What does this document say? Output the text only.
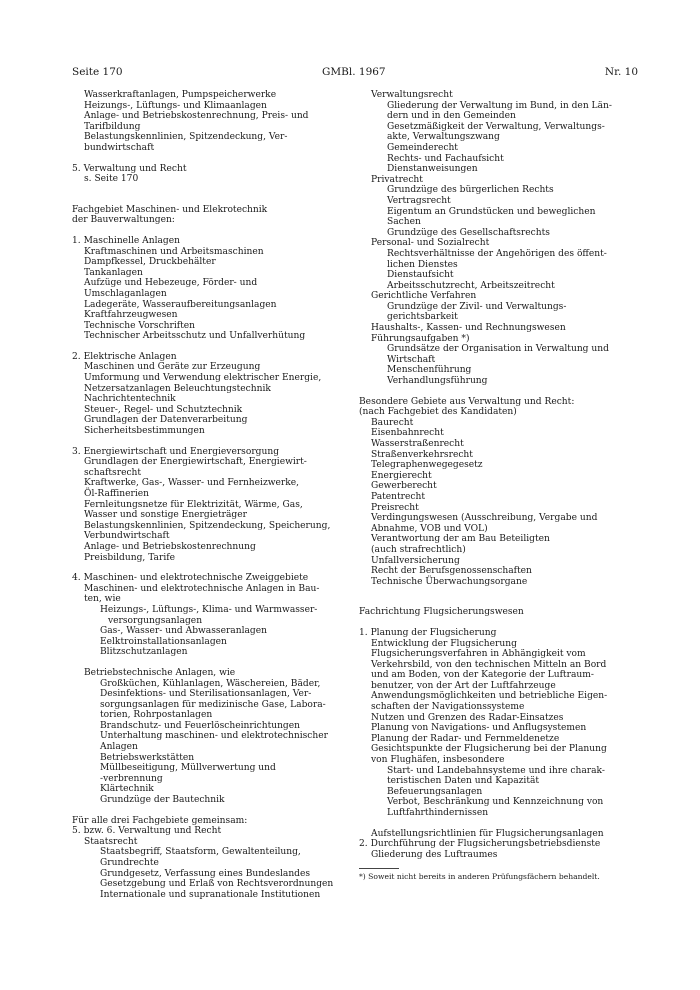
Seite 170	GMBl. 1967	Nr. 10
Wasserkraftanlagen, Pumpspeicherwerke
Heizungs-, Lüftungs- und Klimaanlagen
Anlage- und Betriebskostenrechnung, Preis- und
Tarifbildung
Belastungskennlinien, Spitzendeckung, Ver-
bundwirtschaft
5. Verwaltung und Recht
s. Seite 170
Fachgebiet Maschinen- und Elekrotechnik
der Bauverwaltungen:
1. Maschinelle Anlagen
Kraftmaschinen und Arbeitsmaschinen
Dampfkessel, Druckbehälter
Tankanlagen
Aufzüge und Hebezeuge, Förder- und
Umschlaganlagen
Ladegeräte, Wasseraufbereitungsanlagen
Kraftfahrzeugwesen
Technische Vorschriften
Technischer Arbeitsschutz und Unfallverhütung
2. Elektrische Anlagen
Maschinen und Geräte zur Erzeugung
Umformung und Verwendung elektrischer Energie,
Netzersatzanlagen Beleuchtungstechnik
Nachrichtentechnik
Steuer-, Regel- und Schutztechnik
Grundlagen der Datenverarbeitung
Sicherheitsbestimmungen
3. Energiewirtschaft und Energieversorgung
Grundlagen der Energiewirtschaft, Energiewirt-
schaftsrecht
Kraftwerke, Gas-, Wasser- und Fernheizwerke,
Öl-Raffinerien
Fernleitungsnetze für Elektrizität, Wärme, Gas,
Wasser und sonstige Energieträger
Belastungskennlinien, Spitzendeckung, Speicherung,
Verbundwirtschaft
Anlage- und Betriebskostenrechnung
Preisbildung, Tarife
4. Maschinen- und elektrotechnische Zweiggebiete
Maschinen- und elektrotechnische Anlagen in Bau-
ten, wie
Heizungs-, Lüftungs-, Klima- und Warmwasser-
versorgungsanlagen
Gas-, Wasser- und Abwasseranlagen
Eelktroinstallationsanlagen
Blitzschutzanlagen
Betriebstechnische Anlagen, wie
Großküchen, Kühlanlagen, Wäschereien, Bäder,
Desinfektions- und Sterilisationsanlagen, Ver-
sorgungsanlagen für medizinische Gase, Labora-
torien, Rohrpostanlagen
Brandschutz- und Feuerlöscheinrichtungen
Unterhaltung maschinen- und elektrotechnischer
Anlagen
Betriebswerkstätten
Müllbeseitigung, Müllverwertung und
-verbrennung
Klärtechnik
Grundzüge der Bautechnik
Für alle drei Fachgebiete gemeinsam:
5. bzw. 6. Verwaltung und Recht
Staatsrecht
Staatsbegriff, Staatsform, Gewaltenteilung,
Grundrechte
Grundgesetz, Verfassung eines Bundeslandes
Gesetzgebung und Erlaß von Rechtsverordnungen
Internationale und supranationale Institutionen
Verwaltungsrecht
Gliederung der Verwaltung im Bund, in den Län-
dern und in den Gemeinden
Gesetzmäßigkeit der Verwaltung, Verwaltungs-
akte, Verwaltungszwang
Gemeinderecht
Rechts- und Fachaufsicht
Dienstanweisungen
Privatrecht
Grundzüge des bürgerlichen Rechts
Vertragsrecht
Eigentum an Grundstücken und beweglichen
Sachen
Grundzüge des Gesellschaftsrechts
Personal- und Sozialrecht
Rechtsverhältnisse der Angehörigen des öffent-
lichen Dienstes
Dienstaufsicht
Arbeitsschutzrecht, Arbeitszeitrecht
Gerichtliche Verfahren
Grundzüge der Zivil- und Verwaltungs-
gerichtsbarkeit
Haushalts-, Kassen- und Rechnungswesen
Führungsaufgaben *)
Grundsätze der Organisation in Verwaltung und
Wirtschaft
Menschenführung
Verhandlungsführung
Besondere Gebiete aus Verwaltung und Recht:
(nach Fachgebiet des Kandidaten)
Baurecht
Eisenbahnrecht
Wasserstraßenrecht
Straßenverkehrsrecht
Telegraphenwegegesetz
Energierecht
Gewerberecht
Patentrecht
Preisrecht
Verdingungswesen (Ausschreibung, Vergabe und
Abnahme, VOB und VOL)
Verantwortung der am Bau Beteiligten
(auch strafrechtlich)
Unfallversicherung
Recht der Berufsgenossenschaften
Technische Überwachungsorgane
Fachrichtung Flugsicherungswesen
1. Planung der Flugsicherung
Entwicklung der Flugsicherung
Flugsicherungsverfahren in Abhängigkeit vom
Verkehrsbild, von den technischen Mitteln an Bord
und am Boden, von der Kategorie der Luftraum-
benutzer, von der Art der Luftfahrzeuge
Anwendungsmöglichkeiten und betriebliche Eigen-
schaften der Navigationssysteme
Nutzen und Grenzen des Radar-Einsatzes
Planung von Navigations- und Anflugsystemen
Planung der Radar- und Fernmeldenetze
Gesichtspunkte der Flugsicherung bei der Planung
von Flughäfen, insbesondere
Start- und Landebahnsysteme und ihre charak-
teristischen Daten und Kapazität
Befeuerungsanlagen
Verbot, Beschränkung und Kennzeichnung von
Luftfahrthindernissen
Aufstellungsrichtlinien für Flugsicherungsanlagen
2. Durchführung der Flugsicherungsbetriebsdienste
Gliederung des Luftraumes
*) Soweit nicht bereits in anderen Prüfungsfächern behandelt.
